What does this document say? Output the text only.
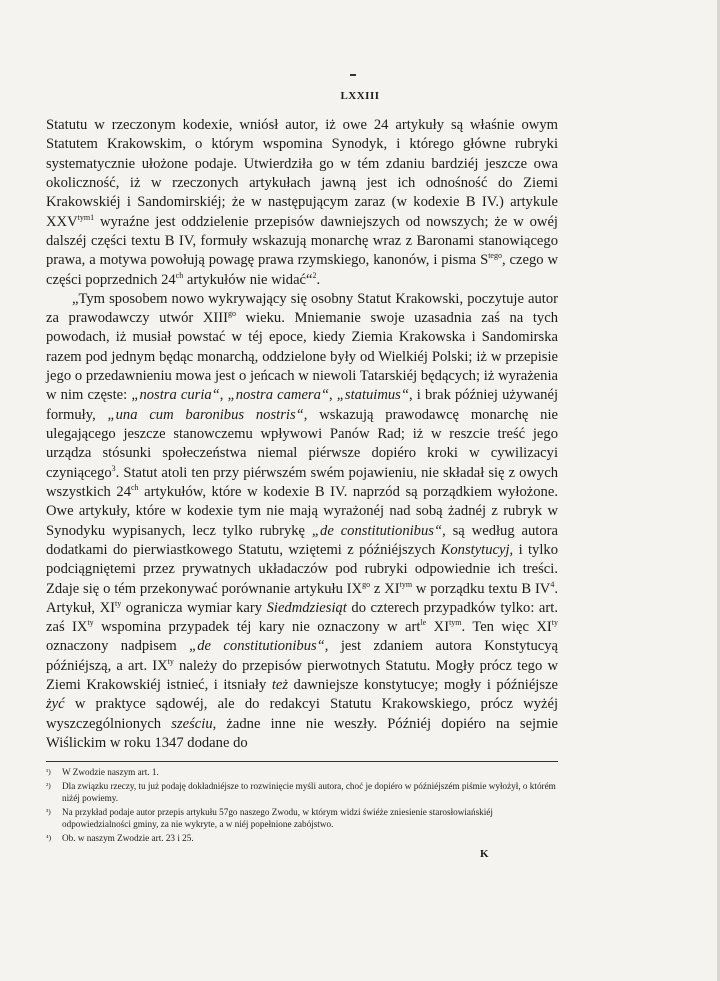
LXXIII

Statutu w rzeczonym kodexie, wniósł autor, iż owe 24 artykuły są właśnie owym Statutem Krakowskim, o którym wspomina Synodyk, i którego główne rubryki systematycznie ułożone podaje. Utwierdziła go w tém zdaniu bardziéj jeszcze owa okoliczność, iż w rzeczonych artykułach jawną jest ich odnośność do Ziemi Krakowskiéj i Sandomirskiéj; że w następującym zaraz (w kodexie B IV.) artykule $XXV^{tym1}$ wyraźne jest oddzielenie przepisów dawniejszych od nowszych; że w owéj dalszéj części textu B IV, formuły wskazują monarchę wraz z Baronami stanowiącego prawa, a motywa powołują powagę prawa rzymskiego, kanonów, i pisma $S^{tego}$, czego w części poprzednich $24^{ch}$ artykułów nie widać“$^2$.

„Tym sposobem nowo wykrywający się osobny Statut Krakowski, poczytuje autor za prawodawczy utwór $XIII^{go}$ wieku. Mniemanie swoje uzasadnia zaś na tych powodach, iż musiał powstać w téj epoce, kiedy Ziemia Krakowska i Sandomirska razem pod jednym będąc monarchą, oddzielone były od Wielkiéj Polski; iż w przepisie jego o przedawnieniu mowa jest o jeńcach w niewoli Tatarskiéj będących; iż wyrażenia w nim częste: „nostra curia“, „nostra camera“, „statuimus“, i brak później używanéj formuły, „una cum baronibus nostris“, wskazują prawodawcę monarchę nie ulegającego jeszcze stanowczemu wpływowi Panów Rad; iż w reszcie treść jego urządza stósunki społeczeństwa niemal piérwsze dopiéro kroki w cywilizacyi czyniącego$^3$. Statut atoli ten przy piérwszém swém pojawieniu, nie składał się z owych wszystkich $24^{ch}$ artykułów, które w kodexie B IV. naprzód są porządkiem wyłożone. Owe artykuły, które w kodexie tym nie mają wyrażonéj nad sobą żadnéj z rubryk w Synodyku wypisanych, lecz tylko rubrykę „de constitutionibus“, są według autora dodatkami do pierwiastkowego Statutu, wziętemi z późniéjszych Konstytucyj, i tylko podciągniętemi przez prywatnych układaczów pod rubryki odpowiednie ich treści. Zdaje się o tém przekonywać porównanie artykułu $IX^{go}$ z $XI^{tym}$ w porządku textu B $IV^4$. Artykuł, $XI^{ty}$ ogranicza wymiar kary Siedmdziesiąt do czterech przypadków tylko: art. zaś $IX^{ty}$ wspomina przypadek téj kary nie oznaczony w art$^{le}$ $XI^{tym}$. Ten więc $XI^{ty}$ oznaczony nadpisem „de constitutionibus“, jest zdaniem autora Konstytucyą późniéjszą, a art. $IX^{ty}$ należy do przepisów pierwotnych Statutu. Mogły prócz tego w Ziemi Krakowskiéj istnieć, i itsniały też dawniejsze konstytucye; mogły i późniéjsze żyć w praktyce sądowéj, ale do redakcyi Statutu Krakowskiego, prócz wyżéj wyszczególnionych sześciu, żadne inne nie weszły. Późniéj dopiéro na sejmie Wiślickim w roku 1347 dodane do

¹)	W Zwodzie naszym art. 1.
²)	Dla związku rzeczy, tu już podaję dokładniéjsze to rozwinięcie myśli autora, choć je dopiéro w późniéjszém piśmie wyłożył, o którém niżéj powiemy.
³)	Na przykład podaje autor przepis artykułu 57go naszego Zwodu, w którym widzi świéże zniesienie starosłowiańskiéj odpowiedzialności gminy, za nie wykryte, a w niéj popełnione zabójstwo.
⁴)	Ob. w naszym Zwodzie art. 23 i 25.
K
